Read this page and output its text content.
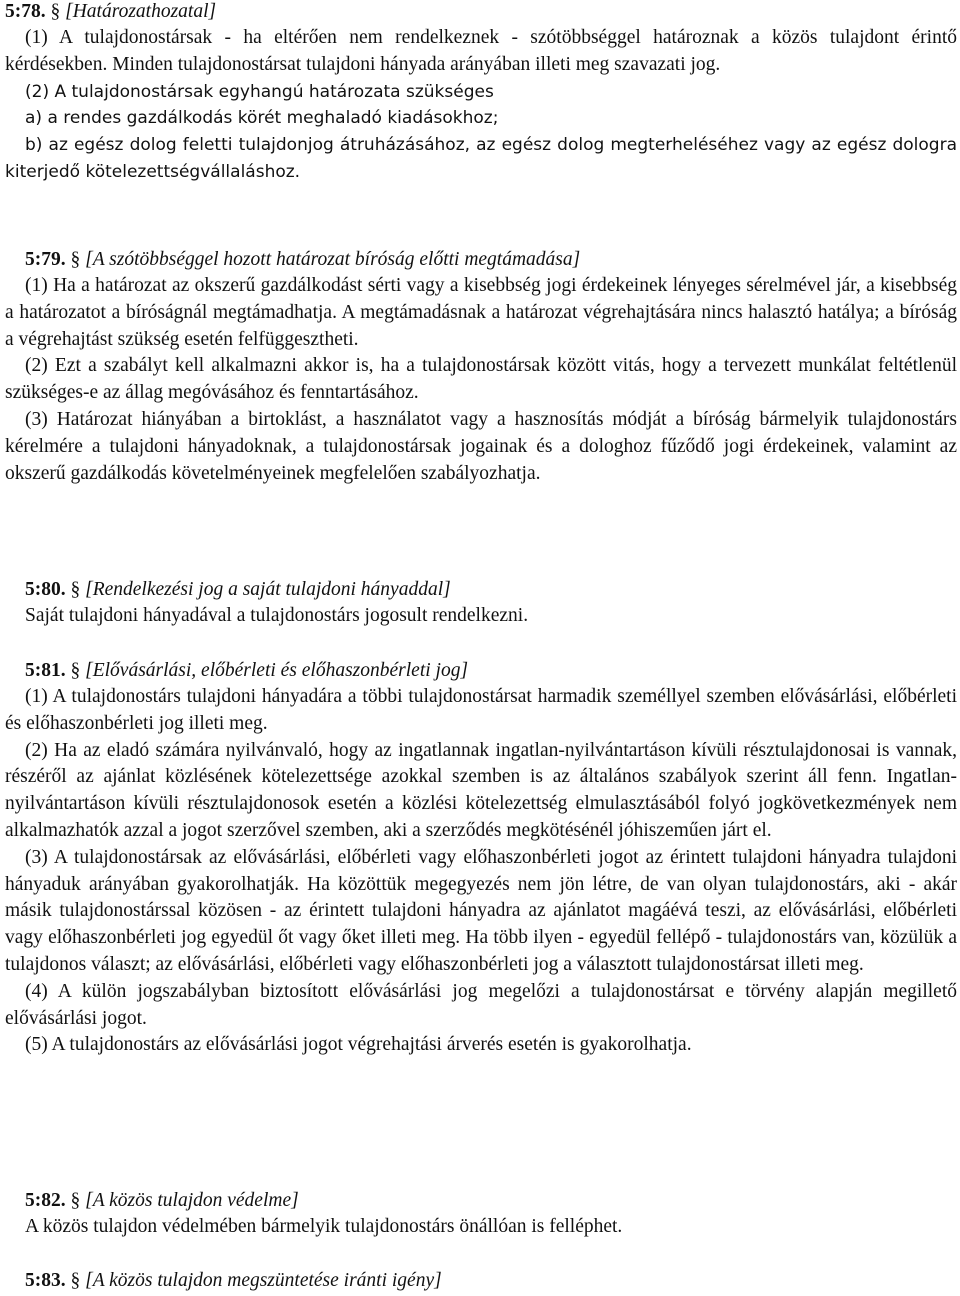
5:78. § [Határozathozatal]

(1) A tulajdonostársak - ha eltérően nem rendelkeznek - szótöbbséggel határoznak a közös tulajdont érintő kérdésekben. Minden tulajdonostársat tulajdoni hányada arányában illeti meg szavazati jog.

(2) A tulajdonostársak egyhangú határozata szükséges

a) a rendes gazdálkodás körét meghaladó kiadásokhoz;

b) az egész dolog feletti tulajdonjog átruházásához, az egész dolog megterheléséhez vagy az egész dologra kiterjedő kötelezettségvállaláshoz.

5:79. § [A szótöbbséggel hozott határozat bíróság előtti megtámadása]

(1) Ha a határozat az okszerű gazdálkodást sérti vagy a kisebbség jogi érdekeinek lényeges sérelmével jár, a kisebbség a határozatot a bíróságnál megtámadhatja. A megtámadásnak a határozat végrehajtására nincs halasztó hatálya; a bíróság a végrehajtást szükség esetén felfüggesztheti.

(2) Ezt a szabályt kell alkalmazni akkor is, ha a tulajdonostársak között vitás, hogy a tervezett munkálat feltétlenül szükséges-e az állag megóvásához és fenntartásához.

(3) Határozat hiányában a birtoklást, a használatot vagy a hasznosítás módját a bíróság bármelyik tulajdonostárs kérelmére a tulajdoni hányadoknak, a tulajdonostársak jogainak és a dologhoz fűződő jogi érdekeinek, valamint az okszerű gazdálkodás követelményeinek megfelelően szabályozhatja.

5:80. § [Rendelkezési jog a saját tulajdoni hányaddal]

Saját tulajdoni hányadával a tulajdonostárs jogosult rendelkezni.

5:81. § [Elővásárlási, előbérleti és előhaszonbérleti jog]

(1) A tulajdonostárs tulajdoni hányadára a többi tulajdonostársat harmadik személlyel szemben elővásárlási, előbérleti és előhaszonbérleti jog illeti meg.

(2) Ha az eladó számára nyilvánvaló, hogy az ingatlannak ingatlan-nyilvántartáson kívüli résztulajdonosai is vannak, részéről az ajánlat közlésének kötelezettsége azokkal szemben is az általános szabályok szerint áll fenn. Ingatlan-nyilvántartáson kívüli résztulajdonosok esetén a közlési kötelezettség elmulasztásából folyó jogkövetkezmények nem alkalmazhatók azzal a jogot szerzővel szemben, aki a szerződés megkötésénél jóhiszeműen járt el.

(3) A tulajdonostársak az elővásárlási, előbérleti vagy előhaszonbérleti jogot az érintett tulajdoni hányadra tulajdoni hányaduk arányában gyakorolhatják. Ha közöttük megegyezés nem jön létre, de van olyan tulajdonostárs, aki - akár másik tulajdonostárssal közösen - az érintett tulajdoni hányadra az ajánlatot magáévá teszi, az elővásárlási, előbérleti vagy előhaszonbérleti jog egyedül őt vagy őket illeti meg. Ha több ilyen - egyedül fellépő - tulajdonostárs van, közülük a tulajdonos választ; az elővásárlási, előbérleti vagy előhaszonbérleti jog a választott tulajdonostársat illeti meg.

(4) A külön jogszabályban biztosított elővásárlási jog megelőzi a tulajdonostársat e törvény alapján megillető elővásárlási jogot.

(5) A tulajdonostárs az elővásárlási jogot végrehajtási árverés esetén is gyakorolhatja.

5:82. § [A közös tulajdon védelme]

A közös tulajdon védelmében bármelyik tulajdonostárs önállóan is felléphet.

5:83. § [A közös tulajdon megszüntetése iránti igény]
